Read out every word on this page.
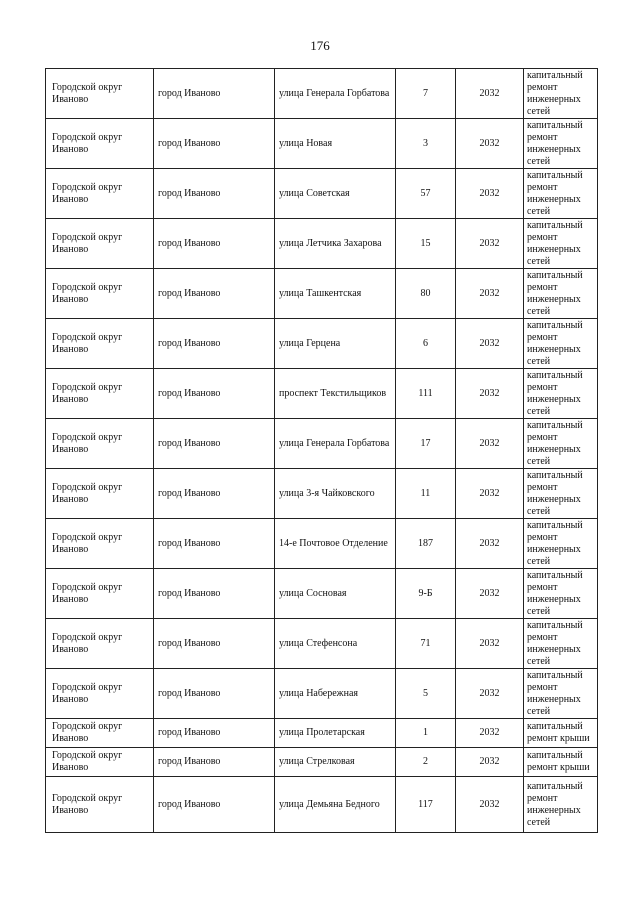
176
Городской округ Иваново	город Иваново	улица Генерала Горбатова	7	2032	капитальный ремонт инженерных сетей
Городской округ Иваново	город Иваново	улица Новая	3	2032	капитальный ремонт инженерных сетей
Городской округ Иваново	город Иваново	улица Советская	57	2032	капитальный ремонт инженерных сетей
Городской округ Иваново	город Иваново	улица Летчика Захарова	15	2032	капитальный ремонт инженерных сетей
Городской округ Иваново	город Иваново	улица Ташкентская	80	2032	капитальный ремонт инженерных сетей
Городской округ Иваново	город Иваново	улица Герцена	6	2032	капитальный ремонт инженерных сетей
Городской округ Иваново	город Иваново	проспект Текстильщиков	111	2032	капитальный ремонт инженерных сетей
Городской округ Иваново	город Иваново	улица Генерала Горбатова	17	2032	капитальный ремонт инженерных сетей
Городской округ Иваново	город Иваново	улица 3-я Чайковского	11	2032	капитальный ремонт инженерных сетей
Городской округ Иваново	город Иваново	14-е Почтовое Отделение	187	2032	капитальный ремонт инженерных сетей
Городской округ Иваново	город Иваново	улица Сосновая	9-Б	2032	капитальный ремонт инженерных сетей
Городской округ Иваново	город Иваново	улица Стефенсона	71	2032	капитальный ремонт инженерных сетей
Городской округ Иваново	город Иваново	улица Набережная	5	2032	капитальный ремонт инженерных сетей
Городской округ Иваново	город Иваново	улица Пролетарская	1	2032	капитальный ремонт крыши
Городской округ Иваново	город Иваново	улица Стрелковая	2	2032	капитальный ремонт крыши
Городской округ Иваново	город Иваново	улица Демьяна Бедного	117	2032	капитальный ремонт инженерных сетей
